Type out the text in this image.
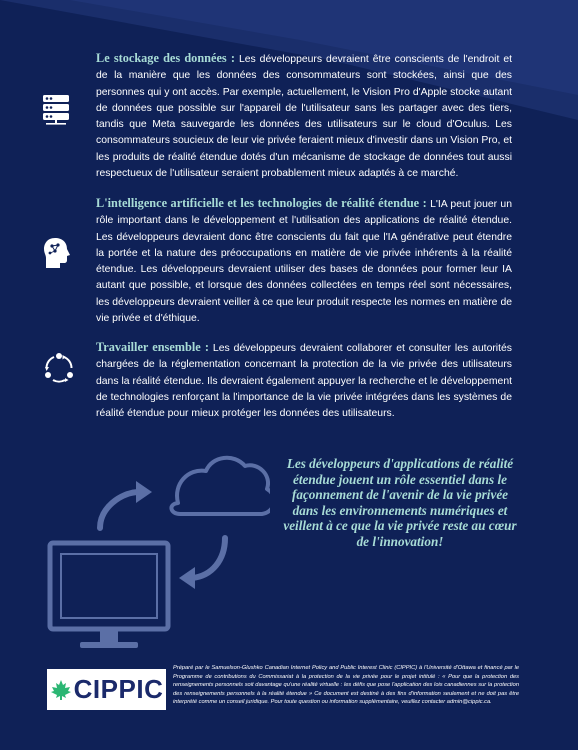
Le stockage des données : Les développeurs devraient être conscients de l'endroit et de la manière que les données des consommateurs sont stockées, ainsi que des personnes qui y ont accès. Par exemple, actuellement, le Vision Pro d'Apple stocke autant de données que possible sur l'appareil de l'utilisateur sans les partager avec des tiers, tandis que Meta sauvegarde les données des utilisateurs sur le cloud d'Oculus. Les consommateurs soucieux de leur vie privée feraient mieux d'investir dans un Vision Pro, et les produits de réalité étendue dotés d'un mécanisme de stockage de données tout aussi respectueux de l'utilisateur seraient probablement mieux adaptés à ce marché.
L'intelligence artificielle et les technologies de réalité étendue : L'IA peut jouer un rôle important dans le développement et l'utilisation des applications de réalité étendue. Les développeurs devraient donc être conscients du fait que l'IA générative peut étendre la portée et la nature des préoccupations en matière de vie privée inhérents à la réalité étendue. Les développeurs devraient utiliser des bases de données pour former leur IA autant que possible, et lorsque des données collectées en temps réel sont nécessaires, les développeurs devraient veiller à ce que leur produit respecte les normes en matière de vie privée et d'éthique.
Travailler ensemble : Les développeurs devraient collaborer et consulter les autorités chargées de la réglementation concernant la protection de la vie privée des utilisateurs dans la réalité étendue. Ils devraient également appuyer la recherche et le développement de technologies renforçant la l'importance de la vie privée intégrées dans les systèmes de réalité étendue pour mieux protéger les données des utilisateurs.
Les développeurs d'applications de réalité étendue jouent un rôle essentiel dans le façonnement de l'avenir de la vie privée dans les environnements numériques et veillent à ce que la vie privée reste au cœur de l'innovation!
CIPPIC
Préparé par le Samuelson-Glushko Canadian Internet Policy and Public Interest Clinic (CIPPIC) à l'Université d'Ottawa et financé par le Programme de contributions du Commissariat à la protection de la vie privée pour le projet intitulé : « Pour que la protection des renseignements personnels soit davantage qu'une réalité virtuelle : les défis que pose l'application des lois canadiennes sur la protection des renseignements personnels à la réalité étendue » Ce document est destiné à des fins d'information seulement et ne doit pas être interprété comme un conseil juridique. Pour toute question ou information supplémentaire, veuillez contacter admin@cippic.ca.
